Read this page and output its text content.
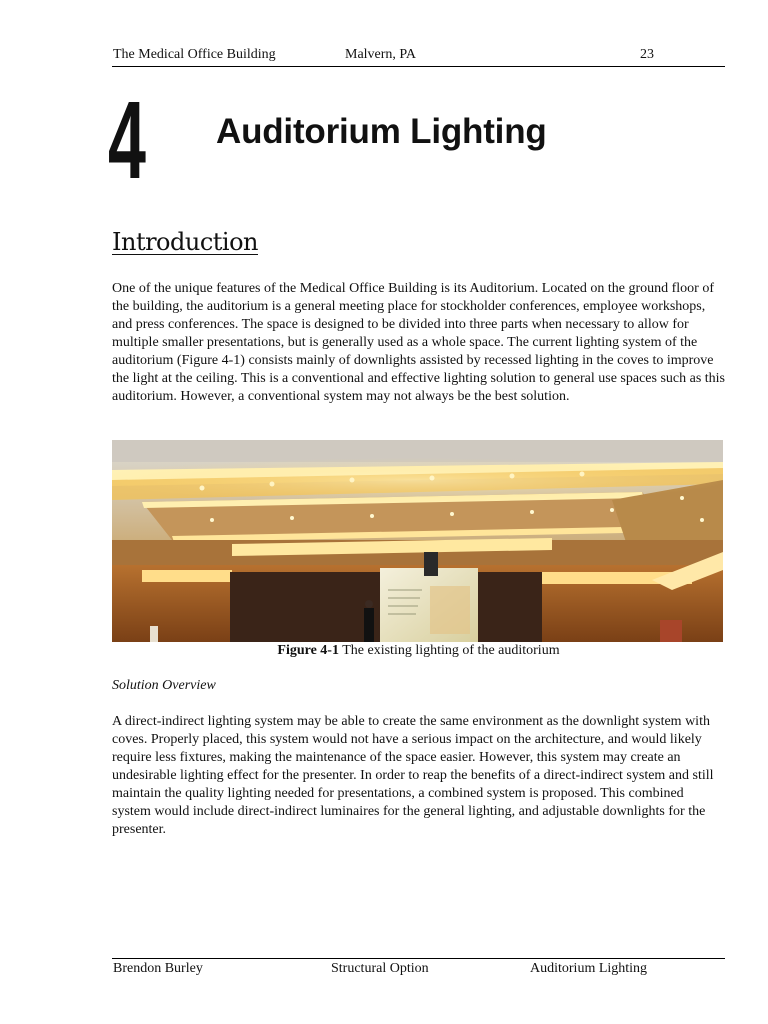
The Medical Office Building	Malvern, PA	23
4 Auditorium Lighting
Introduction

One of the unique features of the Medical Office Building is its Auditorium. Located on the ground floor of the building, the auditorium is a general meeting place for stockholder conferences, employee workshops, and press conferences. The space is designed to be divided into three parts when necessary to allow for multiple smaller presentations, but is generally used as a whole space. The current lighting system of the auditorium (Figure 4-1) consists mainly of downlights assisted by recessed lighting in the coves to improve the light at the ceiling. This is a conventional and effective lighting solution to general use spaces such as this auditorium. However, a conventional system may not always be the best solution.

Figure 4-1 The existing lighting of the auditorium
Solution Overview

A direct-indirect lighting system may be able to create the same environment as the downlight system with coves. Properly placed, this system would not have a serious impact on the architecture, and would likely require less fixtures, making the maintenance of the space easier. However, this system may create an undesirable lighting effect for the presenter. In order to reap the benefits of a direct-indirect system and still maintain the quality lighting needed for presentations, a combined system is proposed. This combined system would include direct-indirect luminaires for the general lighting, and adjustable downlights for the presenter.

Brendon Burley	Structural Option	Auditorium Lighting
